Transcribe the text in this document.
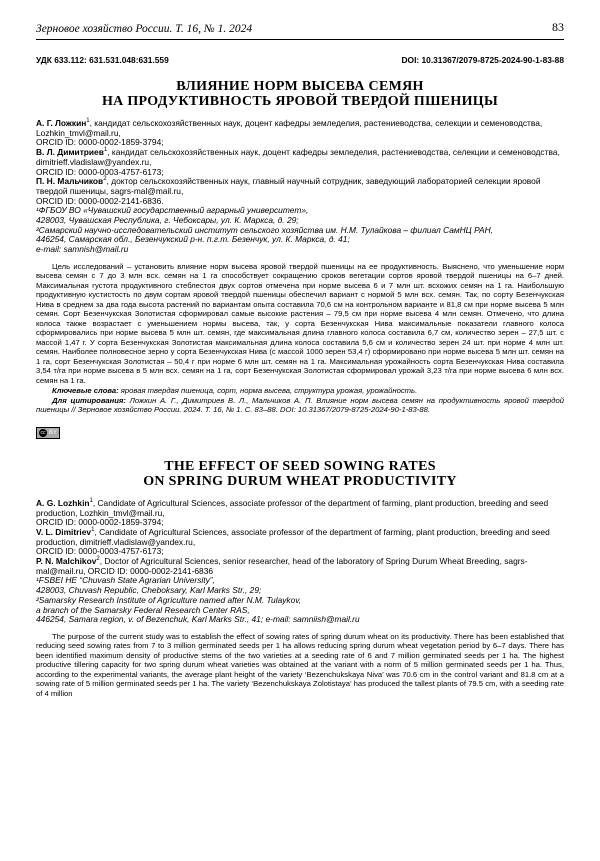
Зерновое хозяйство России. Т. 16, № 1. 2024	83
УДК 633.112: 631.531.048:631.559	DOI: 10.31367/2079-8725-2024-90-1-83-88
ВЛИЯНИЕ НОРМ ВЫСЕВА СЕМЯН
НА ПРОДУКТИВНОСТЬ ЯРОВОЙ ТВЕРДОЙ ПШЕНИЦЫ
А. Г. Ложкин$^1$, кандидат сельскохозяйственных наук, доцент кафедры земледелия, растениеводства, селекции и семеноводства, Lozhkin_tmvl@mail.ru,
ORCID ID: 0000-0002-1859-3794;
В. Л. Димитриев$^1$, кандидат сельскохозяйственных наук, доцент кафедры земледелия, растениеводства, селекции и семеноводства, dimitrieff.vladislaw@yandex.ru,
ORCID ID: 0000-0003-4757-6173;
П. Н. Мальчиков$^2$, доктор сельскохозяйственных наук, главный научный сотрудник, заведующий лабораторией селекции яровой твердой пшеницы, sagrs-mal@mail.ru,
ORCID ID: 0000-0002-2141-6836.
¹ФГБОУ ВО «Чувашский государственный аграрный университет»,
428003, Чувашская Республика, г. Чебоксары, ул. К. Маркса, д. 29;
²Самарский научно-исследовательский институт сельского хозяйства им. Н.М. Тулайкова – филиал СамНЦ РАН,
446254, Самарская обл., Безенчукский р-н. п.г.т. Безенчук, ул. К. Маркса, д. 41;
e-mail: samnish@mail.ru
Цель исследований – установить влияние норм высева яровой твердой пшеницы на ее продуктивность. Выяснено, что уменьшение норм высева семян с 7 до 3 млн всх. семян на 1 га способствует сокращению сроков вегетации сортов яровой твердой пшеницы на 6–7 дней. Максимальная густота продуктивного стеблестоя двух сортов отмечена при норме высева 6 и 7 млн шт. всхожих семян на 1 га. Наибольшую продуктивную кустистость по двум сортам яровой твердой пшеницы обеспечил вариант с нормой 5 млн всх. семян. Так, по сорту Безенчукская Нива в среднем за два года высота растений по вариантам опыта составила 70,6 см на контрольном варианте и 81,8 см при норме высева 5 млн семян. Сорт Безенчукская Золотистая сформировал самые высокие растения – 79,5 см при норме высева 4 млн семян. Отмечено, что длина колоса также возрастает с уменьшением нормы высева, так, у сорта Безенчукская Нива максимальные показатели главного колоса сформировались при норме высева 5 млн шт. семян, где максимальная длина главного колоса составила 6,7 см, количество зерен – 27,5 шт. с массой 1,47 г. У сорта Безенчукская Золотистая максимальная длина колоса составила 5,6 см и количество зерен 24 шт. при норме 4 млн шт. семян. Наиболее полновесное зерно у сорта Безенчукская Нива (с массой 1000 зерен 53,4 г) сформировано при норме высева 5 млн шт. семян на 1 га, сорт Безенчукская Золотистая – 50,4 г при норме 6 млн шт. семян на 1 га. Максимальная урожайность сорта Безенчукская Нива составила 3,54 т/га при норме высева в 5 млн всх. семян на 1 га, сорт Безенчукская Золотистая сформировал урожай 3,23 т/га при норме высева 6 млн всх. семян на 1 га.
Ключевые слова: яровая твердая пшеница, сорт, норма высева, структура урожая, урожайность.
Для цитирования: Ложкин А. Г., Димитриев В. Л., Мальчиков А. П. Влияние норм высева семян на продуктивность яровой твердой пшеницы // Зерновое хозяйство России. 2024. Т. 16, № 1. С. 83–88. DOI: 10.31367/2079-8725-2024-90-1-83-88.
cc BY
THE EFFECT OF SEED SOWING RATES
ON SPRING DURUM WHEAT PRODUCTIVITY
A. G. Lozhkin$^1$, Candidate of Agricultural Sciences, associate professor of the department of farming, plant production, breeding and seed production, Lozhkin_tmvl@mail.ru,
ORCID ID: 0000-0002-1859-3794;
V. L. Dimitriev$^1$, Candidate of Agricultural Sciences, associate professor of the department of farming, plant production, breeding and seed production, dimitrieff.vladislaw@yandex.ru,
ORCID ID: 0000-0003-4757-6173;
P. N. Malchikov$^2$, Doctor of Agricultural Sciences, senior researcher, head of the laboratory of Spring Durum Wheat Breeding, sagrs-mal@mail.ru, ORCID ID: 0000-0002-2141-6836
¹FSBEI HE “Chuvash State Agrarian University”,
428003, Chuvash Republic, Cheboksary, Karl Marks Str., 29;
²Samarsky Research Institute of Agriculture named after N.M. Tulaykov,
a branch of the Samarsky Federal Research Center RAS,
446254, Samara region, v. of Bezenchuk, Karl Marks Str., 41; e-mail: samniish@mail.ru
The purpose of the current study was to establish the effect of sowing rates of spring durum wheat on its productivity. There has been established that reducing seed sowing rates from 7 to 3 million germinated seeds per 1 ha allows reducing spring durum wheat vegetation period by 6–7 days. There has been identified maximum density of productive stems of the two varieties at a seeding rate of 6 and 7 million germinated seeds per 1 ha. The highest productive tillering capacity for two spring durum wheat varieties was obtained at the variant with a norm of 5 million germinated seeds per 1 ha. Thus, according to the experimental variants, the average plant height of the variety ‘Bezenchukskaya Niva’ was 70.6 cm in the control variant and 81.8 cm at a sowing rate of 5 million germinated seeds per 1 ha. The variety ‘Bezenchukskaya Zolotistaya’ has produced the tallest plants of 79.5 cm, with a seeding rate of 4 million
